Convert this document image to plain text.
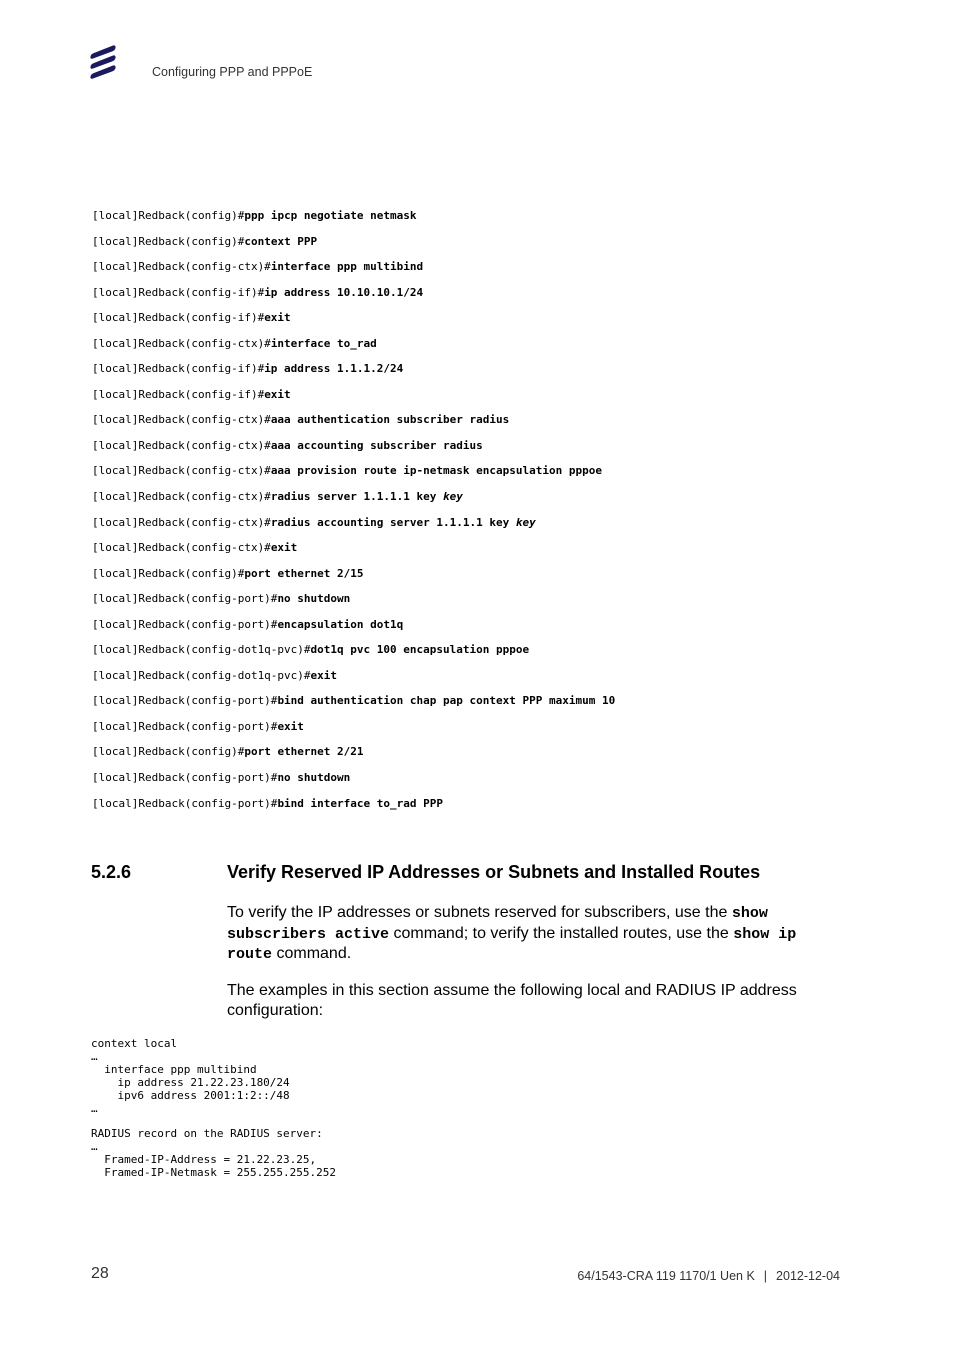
Configuring PPP and PPPoE
[local]Redback(config)#ppp ipcp negotiate netmask
[local]Redback(config)#context PPP
[local]Redback(config-ctx)#interface ppp multibind
[local]Redback(config-if)#ip address 10.10.10.1/24
[local]Redback(config-if)#exit
[local]Redback(config-ctx)#interface to_rad
[local]Redback(config-if)#ip address 1.1.1.2/24
[local]Redback(config-if)#exit
[local]Redback(config-ctx)#aaa authentication subscriber radius
[local]Redback(config-ctx)#aaa accounting subscriber radius
[local]Redback(config-ctx)#aaa provision route ip-netmask encapsulation pppoe
[local]Redback(config-ctx)#radius server 1.1.1.1 key key
[local]Redback(config-ctx)#radius accounting server 1.1.1.1 key key
[local]Redback(config-ctx)#exit
[local]Redback(config)#port ethernet 2/15
[local]Redback(config-port)#no shutdown
[local]Redback(config-port)#encapsulation dot1q
[local]Redback(config-dot1q-pvc)#dot1q pvc 100 encapsulation pppoe
[local]Redback(config-dot1q-pvc)#exit
[local]Redback(config-port)#bind authentication chap pap context PPP maximum 10
[local]Redback(config-port)#exit
[local]Redback(config)#port ethernet 2/21
[local]Redback(config-port)#no shutdown
[local]Redback(config-port)#bind interface to_rad PPP
5.2.6	Verify Reserved IP Addresses or Subnets and Installed Routes
To verify the IP addresses or subnets reserved for subscribers, use the show subscribers active command; to verify the installed routes, use the show ip route command.
The examples in this section assume the following local and RADIUS IP address configuration:
context local
…
interface ppp multibind
ip address 21.22.23.180/24
ipv6 address 2001:1:2::/48
…

RADIUS record on the RADIUS server:
…
Framed-IP-Address = 21.22.23.25,
Framed-IP-Netmask = 255.255.255.252
28	64/1543-CRA 119 1170/1 Uen K | 2012-12-04
